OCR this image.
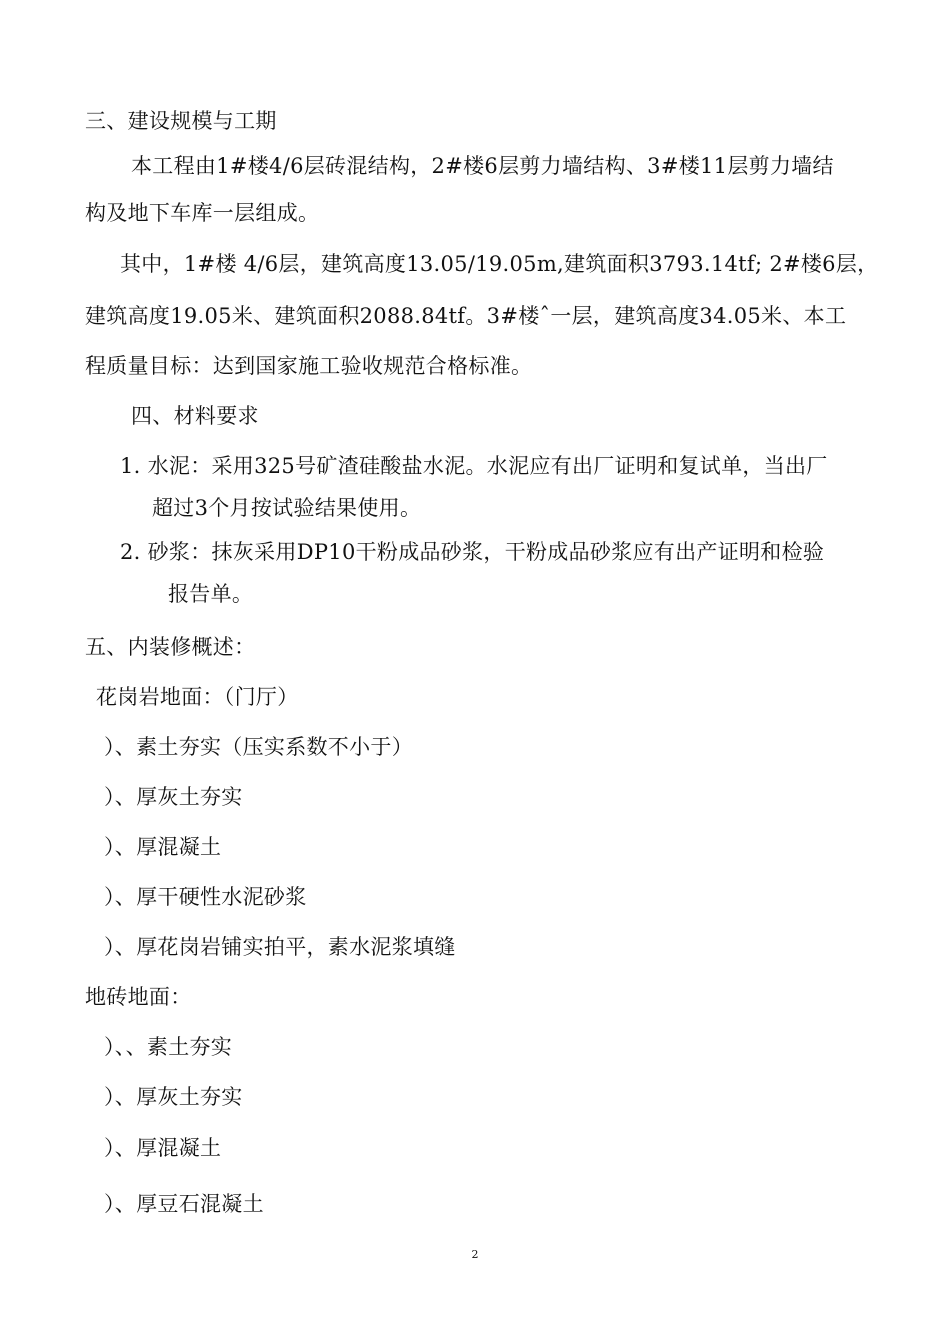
三、建设规模与工期
本工程由1#楼4/6层砖混结构，2#楼6层剪力墙结构、3#楼11层剪力墙结
构及地下车库一层组成。
其中，1#楼 4/6层，建筑高度13.05/19.05m,建筑面积3793.14tf; 2#楼6层，
建筑高度19.05米、建筑面积2088.84tf。3#楼ˆ一层，建筑高度34.05米、本工
程质量目标：达到国家施工验收规范合格标准。
四、材料要求
1. 水泥：采用325号矿渣硅酸盐水泥。水泥应有出厂证明和复试单，当出厂
超过3个月按试验结果使用。
2. 砂浆：抹灰采用DP10干粉成品砂浆，干粉成品砂浆应有出产证明和检验
报告单。
五、内装修概述：
花岗岩地面：（门厅）
）、素土夯实（压实系数不小于）
）、厚灰土夯实
）、厚混凝土
）、厚干硬性水泥砂浆
）、厚花岗岩铺实拍平，素水泥浆填缝
地砖地面：
）、、素土夯实
）、厚灰土夯实
）、厚混凝土
）、厚豆石混凝土
2
